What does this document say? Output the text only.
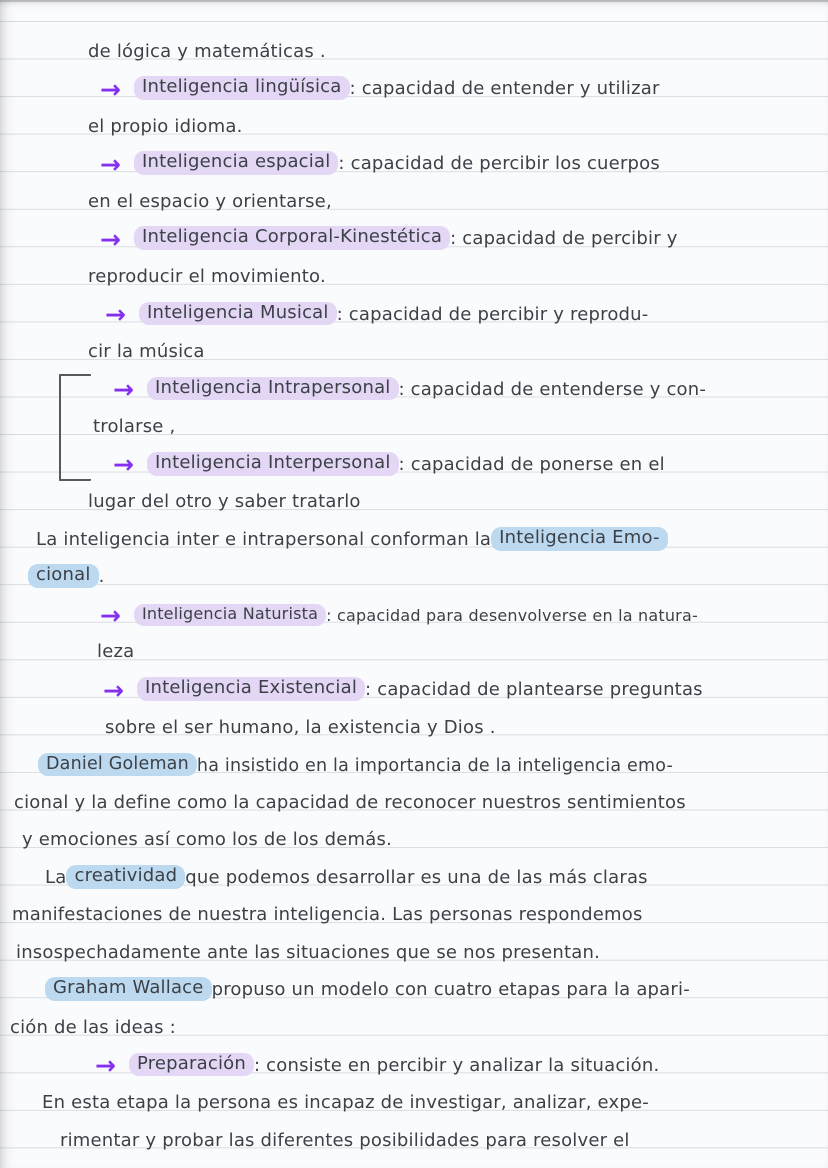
de lógica y matemáticas .
→	Inteligencia lingüísica : capacidad de entender y utilizar
el propio idioma.
→	Inteligencia espacial : capacidad de percibir los cuerpos
en el espacio y orientarse,
→	Inteligencia Corporal-Kinestética : capacidad de percibir y
reproducir el movimiento.
→	Inteligencia Musical : capacidad de percibir y reprodu-
cir la música
→	Inteligencia Intrapersonal : capacidad de entenderse y con-
trolarse ,
→	Inteligencia Interpersonal : capacidad de ponerse en el
lugar del otro y saber tratarlo
La inteligencia inter e intrapersonal conforman la Inteligencia Emo-
cional .
→	Inteligencia Naturista : capacidad para desenvolverse en la natura-
leza
→	Inteligencia Existencial : capacidad de plantearse preguntas
sobre el ser humano, la existencia y Dios .
Daniel Goleman ha insistido en la importancia de la inteligencia emo-
cional y la define como la capacidad de reconocer nuestros sentimientos
y emociones así como los de los demás.
La creatividad que podemos desarrollar es una de las más claras
manifestaciones de nuestra inteligencia. Las personas respondemos
insospechadamente ante las situaciones que se nos presentan.
Graham Wallace propuso un modelo con cuatro etapas para la apari-
ción de las ideas :
→	Preparación : consiste en percibir y analizar la situación.
En esta etapa la persona es incapaz de investigar, analizar, expe-
rimentar y probar las diferentes posibilidades para resolver el
